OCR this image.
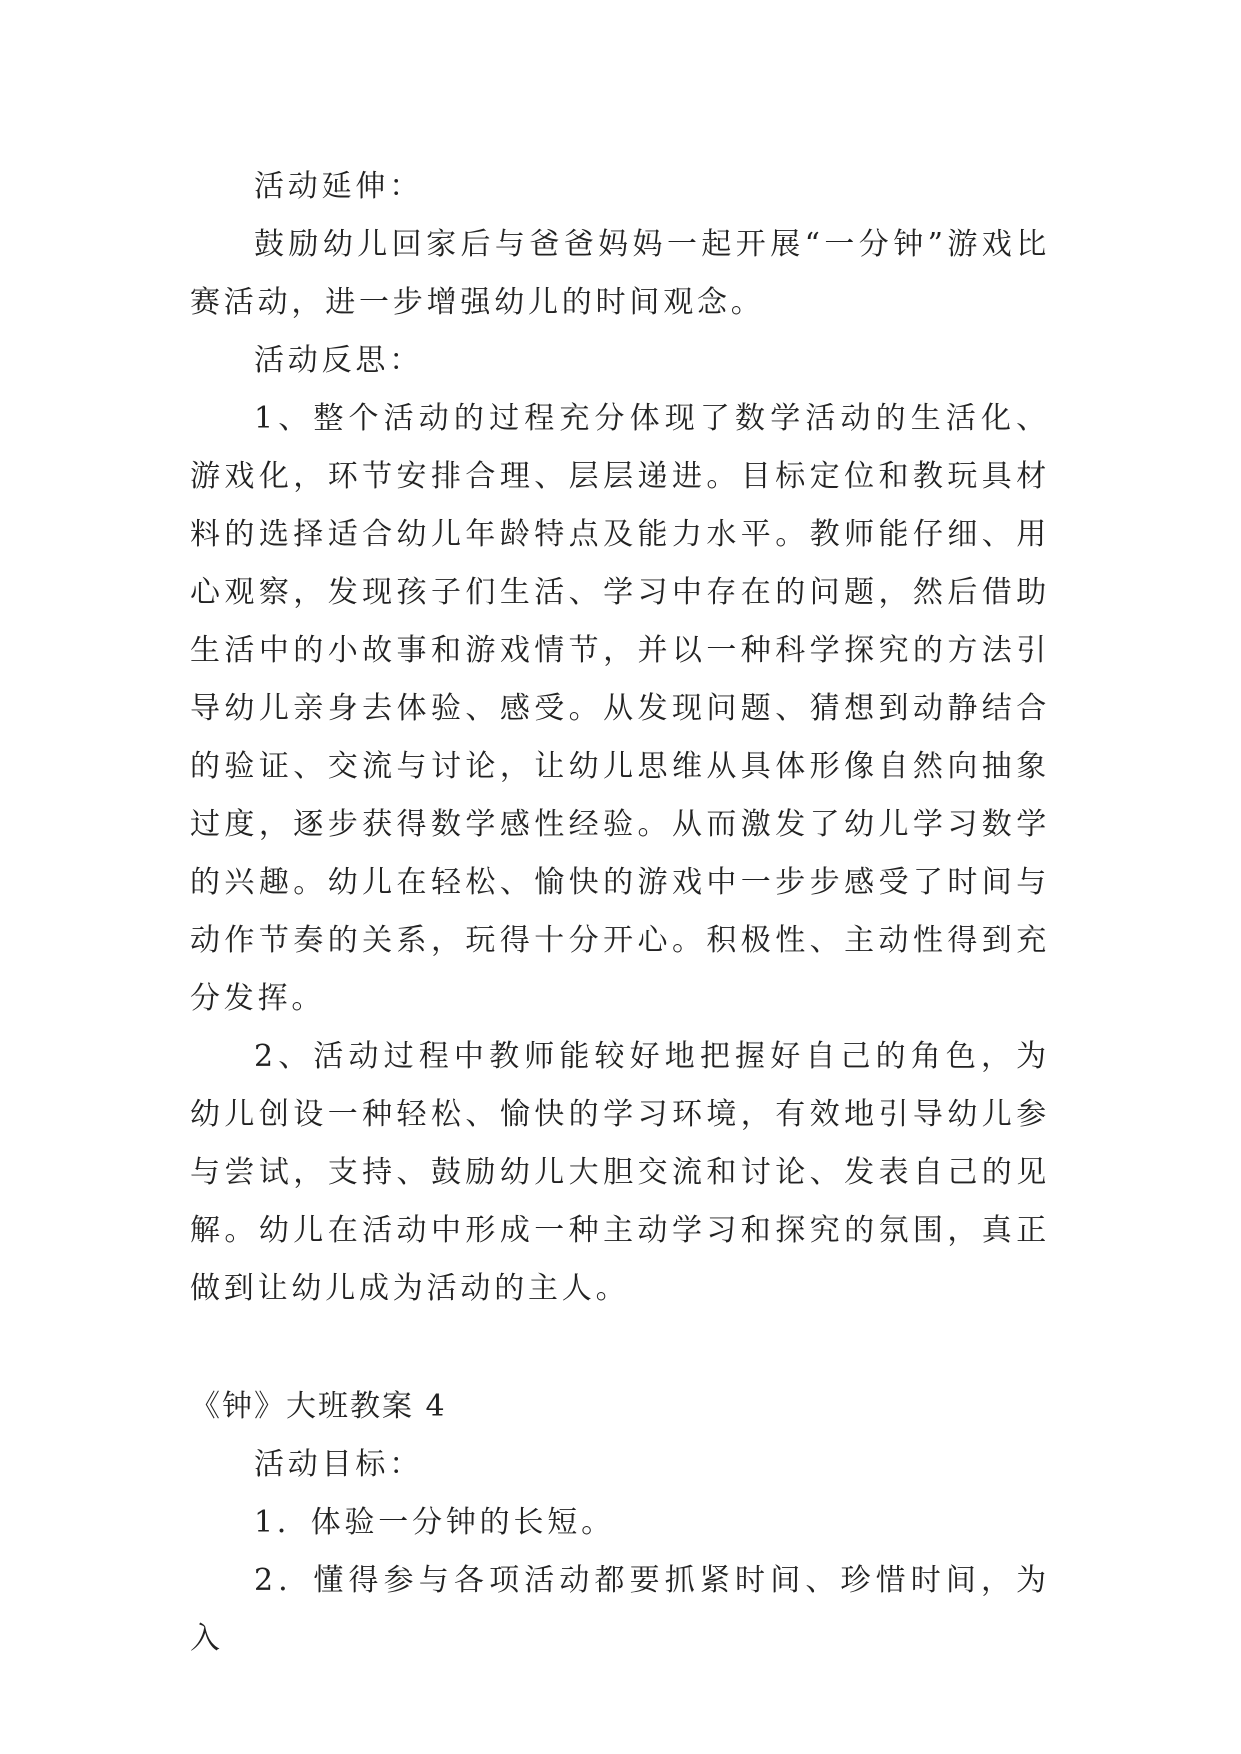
活动延伸：

鼓励幼儿回家后与爸爸妈妈一起开展“一分钟”游戏比赛活动，进一步增强幼儿的时间观念。

活动反思：

1、整个活动的过程充分体现了数学活动的生活化、游戏化，环节安排合理、层层递进。目标定位和教玩具材料的选择适合幼儿年龄特点及能力水平。教师能仔细、用心观察，发现孩子们生活、学习中存在的问题，然后借助生活中的小故事和游戏情节，并以一种科学探究的方法引导幼儿亲身去体验、感受。从发现问题、猜想到动静结合的验证、交流与讨论，让幼儿思维从具体形像自然向抽象过度，逐步获得数学感性经验。从而激发了幼儿学习数学的兴趣。幼儿在轻松、愉快的游戏中一步步感受了时间与动作节奏的关系，玩得十分开心。积极性、主动性得到充分发挥。

2、活动过程中教师能较好地把握好自己的角色，为幼儿创设一种轻松、愉快的学习环境，有效地引导幼儿参与尝试，支持、鼓励幼儿大胆交流和讨论、发表自己的见解。幼儿在活动中形成一种主动学习和探究的氛围，真正做到让幼儿成为活动的主人。

《钟》大班教案 4

活动目标：

1．体验一分钟的长短。

2．懂得参与各项活动都要抓紧时间、珍惜时间，为入
